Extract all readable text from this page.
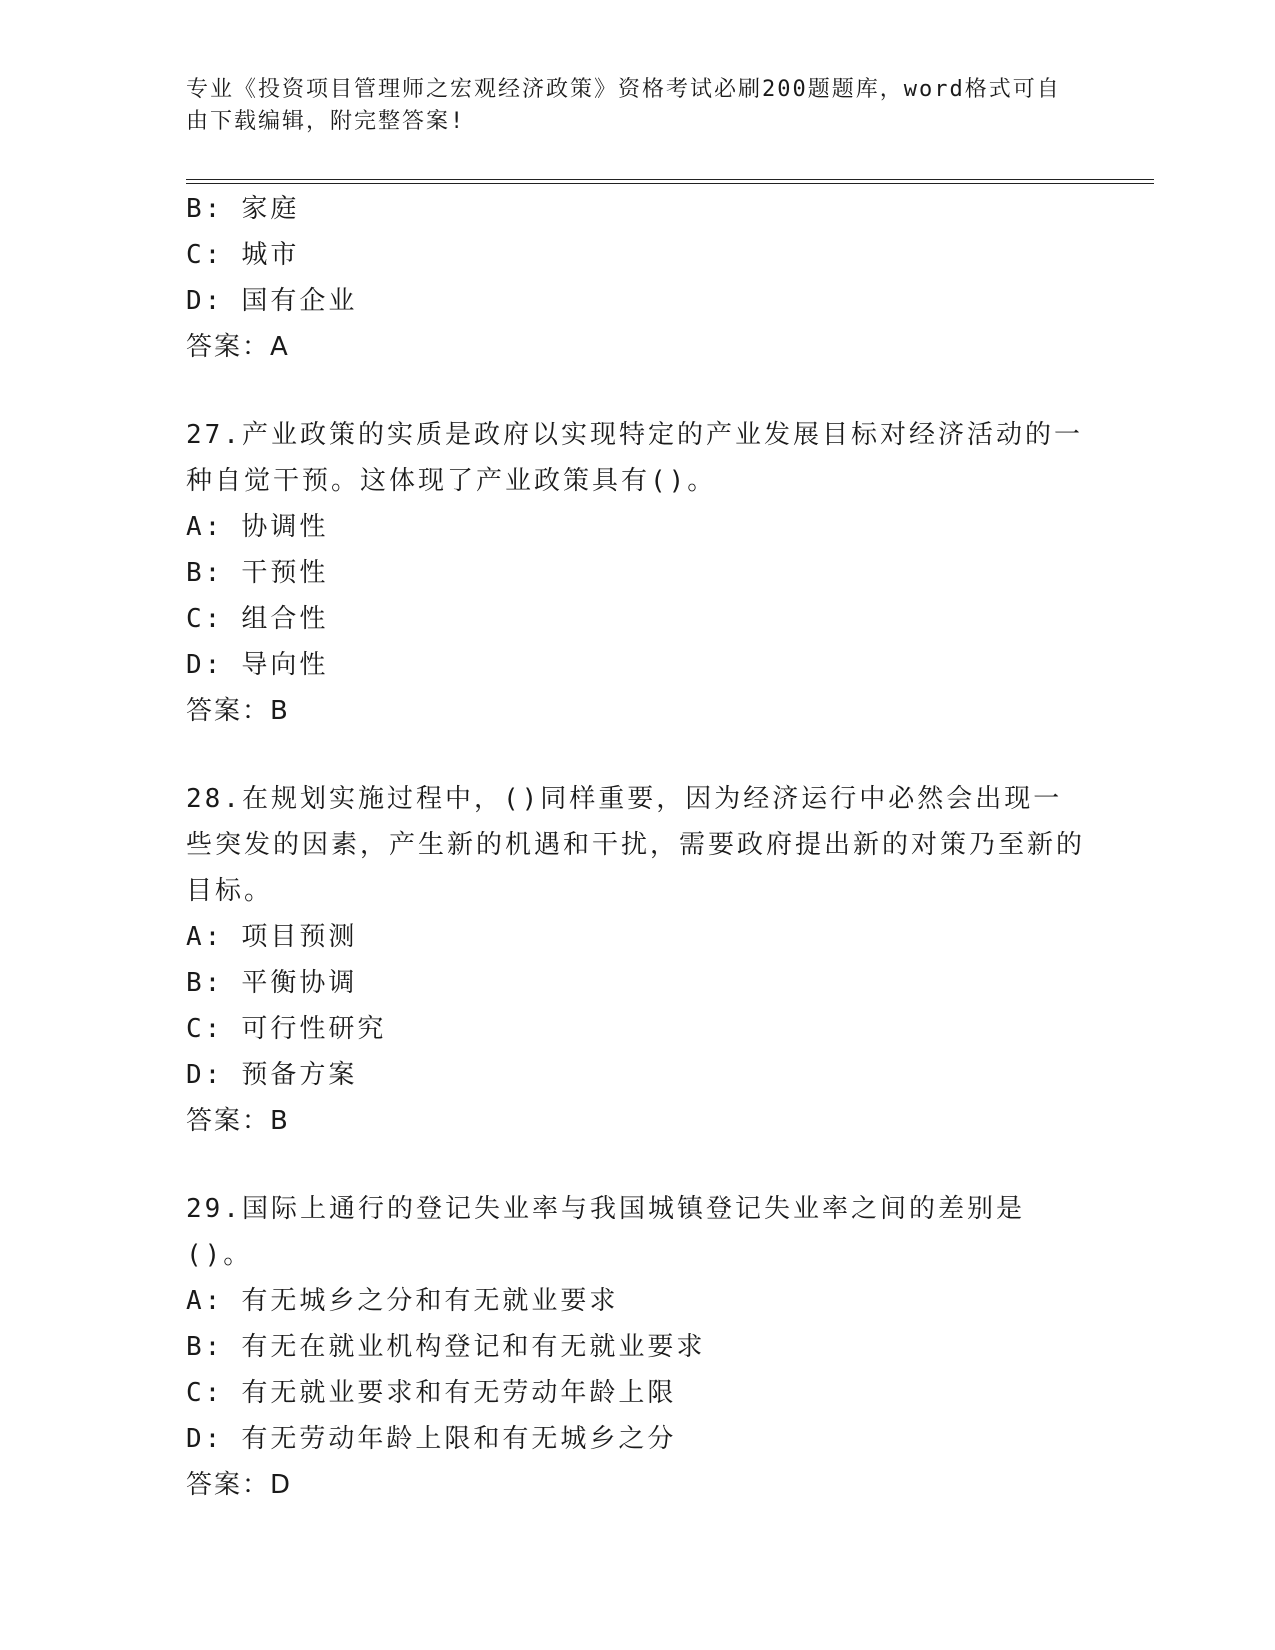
专业《投资项目管理师之宏观经济政策》资格考试必刷200题题库，word格式可自由下载编辑，附完整答案!

B: 家庭

C: 城市

D: 国有企业

答案：A

27.产业政策的实质是政府以实现特定的产业发展目标对经济活动的一种自觉干预。这体现了产业政策具有()。

A: 协调性

B: 干预性

C: 组合性

D: 导向性

答案：B

28.在规划实施过程中，()同样重要，因为经济运行中必然会出现一些突发的因素，产生新的机遇和干扰，需要政府提出新的对策乃至新的目标。

A: 项目预测

B: 平衡协调

C: 可行性研究

D: 预备方案

答案：B

29.国际上通行的登记失业率与我国城镇登记失业率之间的差别是()。

A: 有无城乡之分和有无就业要求

B: 有无在就业机构登记和有无就业要求

C: 有无就业要求和有无劳动年龄上限

D: 有无劳动年龄上限和有无城乡之分

答案：D
